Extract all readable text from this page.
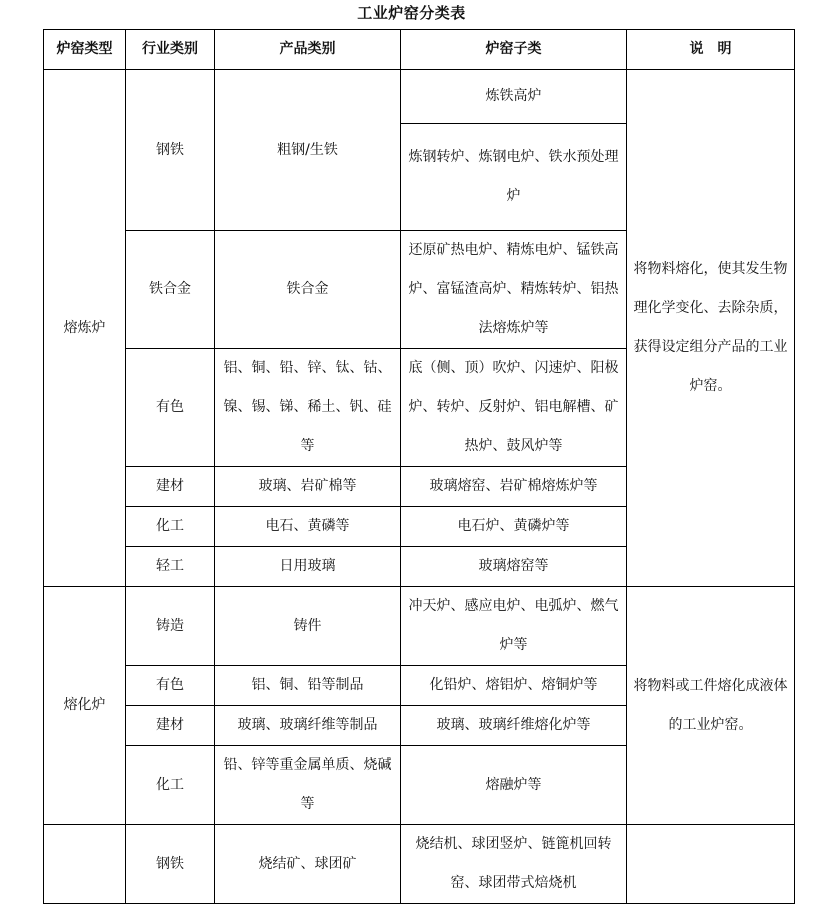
工业炉窑分类表
炉窑类型	行业类别	产品类别	炉窑子类	说　明
熔炼炉	钢铁	粗钢/生铁	炼铁高炉	将物料熔化，使其发生物理化学变化、去除杂质，获得设定组分产品的工业炉窑。
			炼钢转炉、炼钢电炉、铁水预处理炉	
	铁合金	铁合金	还原矿热电炉、精炼电炉、锰铁高炉、富锰渣高炉、精炼转炉、铝热法熔炼炉等	
	有色	铝、铜、铅、锌、钛、钴、镍、锡、锑、稀土、钒、硅等	底（侧、顶）吹炉、闪速炉、阳极炉、转炉、反射炉、铝电解槽、矿热炉、鼓风炉等	
	建材	玻璃、岩矿棉等	玻璃熔窑、岩矿棉熔炼炉等	
	化工	电石、黄磷等	电石炉、黄磷炉等	
	轻工	日用玻璃	玻璃熔窑等	
熔化炉	铸造	铸件	冲天炉、感应电炉、电弧炉、燃气炉等	将物料或工件熔化成液体的工业炉窑。
	有色	铝、铜、铅等制品	化铅炉、熔铝炉、熔铜炉等	
	建材	玻璃、玻璃纤维等制品	玻璃、玻璃纤维熔化炉等	
	化工	铅、锌等重金属单质、烧碱等	熔融炉等	
	钢铁	烧结矿、球团矿	烧结机、球团竖炉、链篦机回转窑、球团带式焙烧机	
